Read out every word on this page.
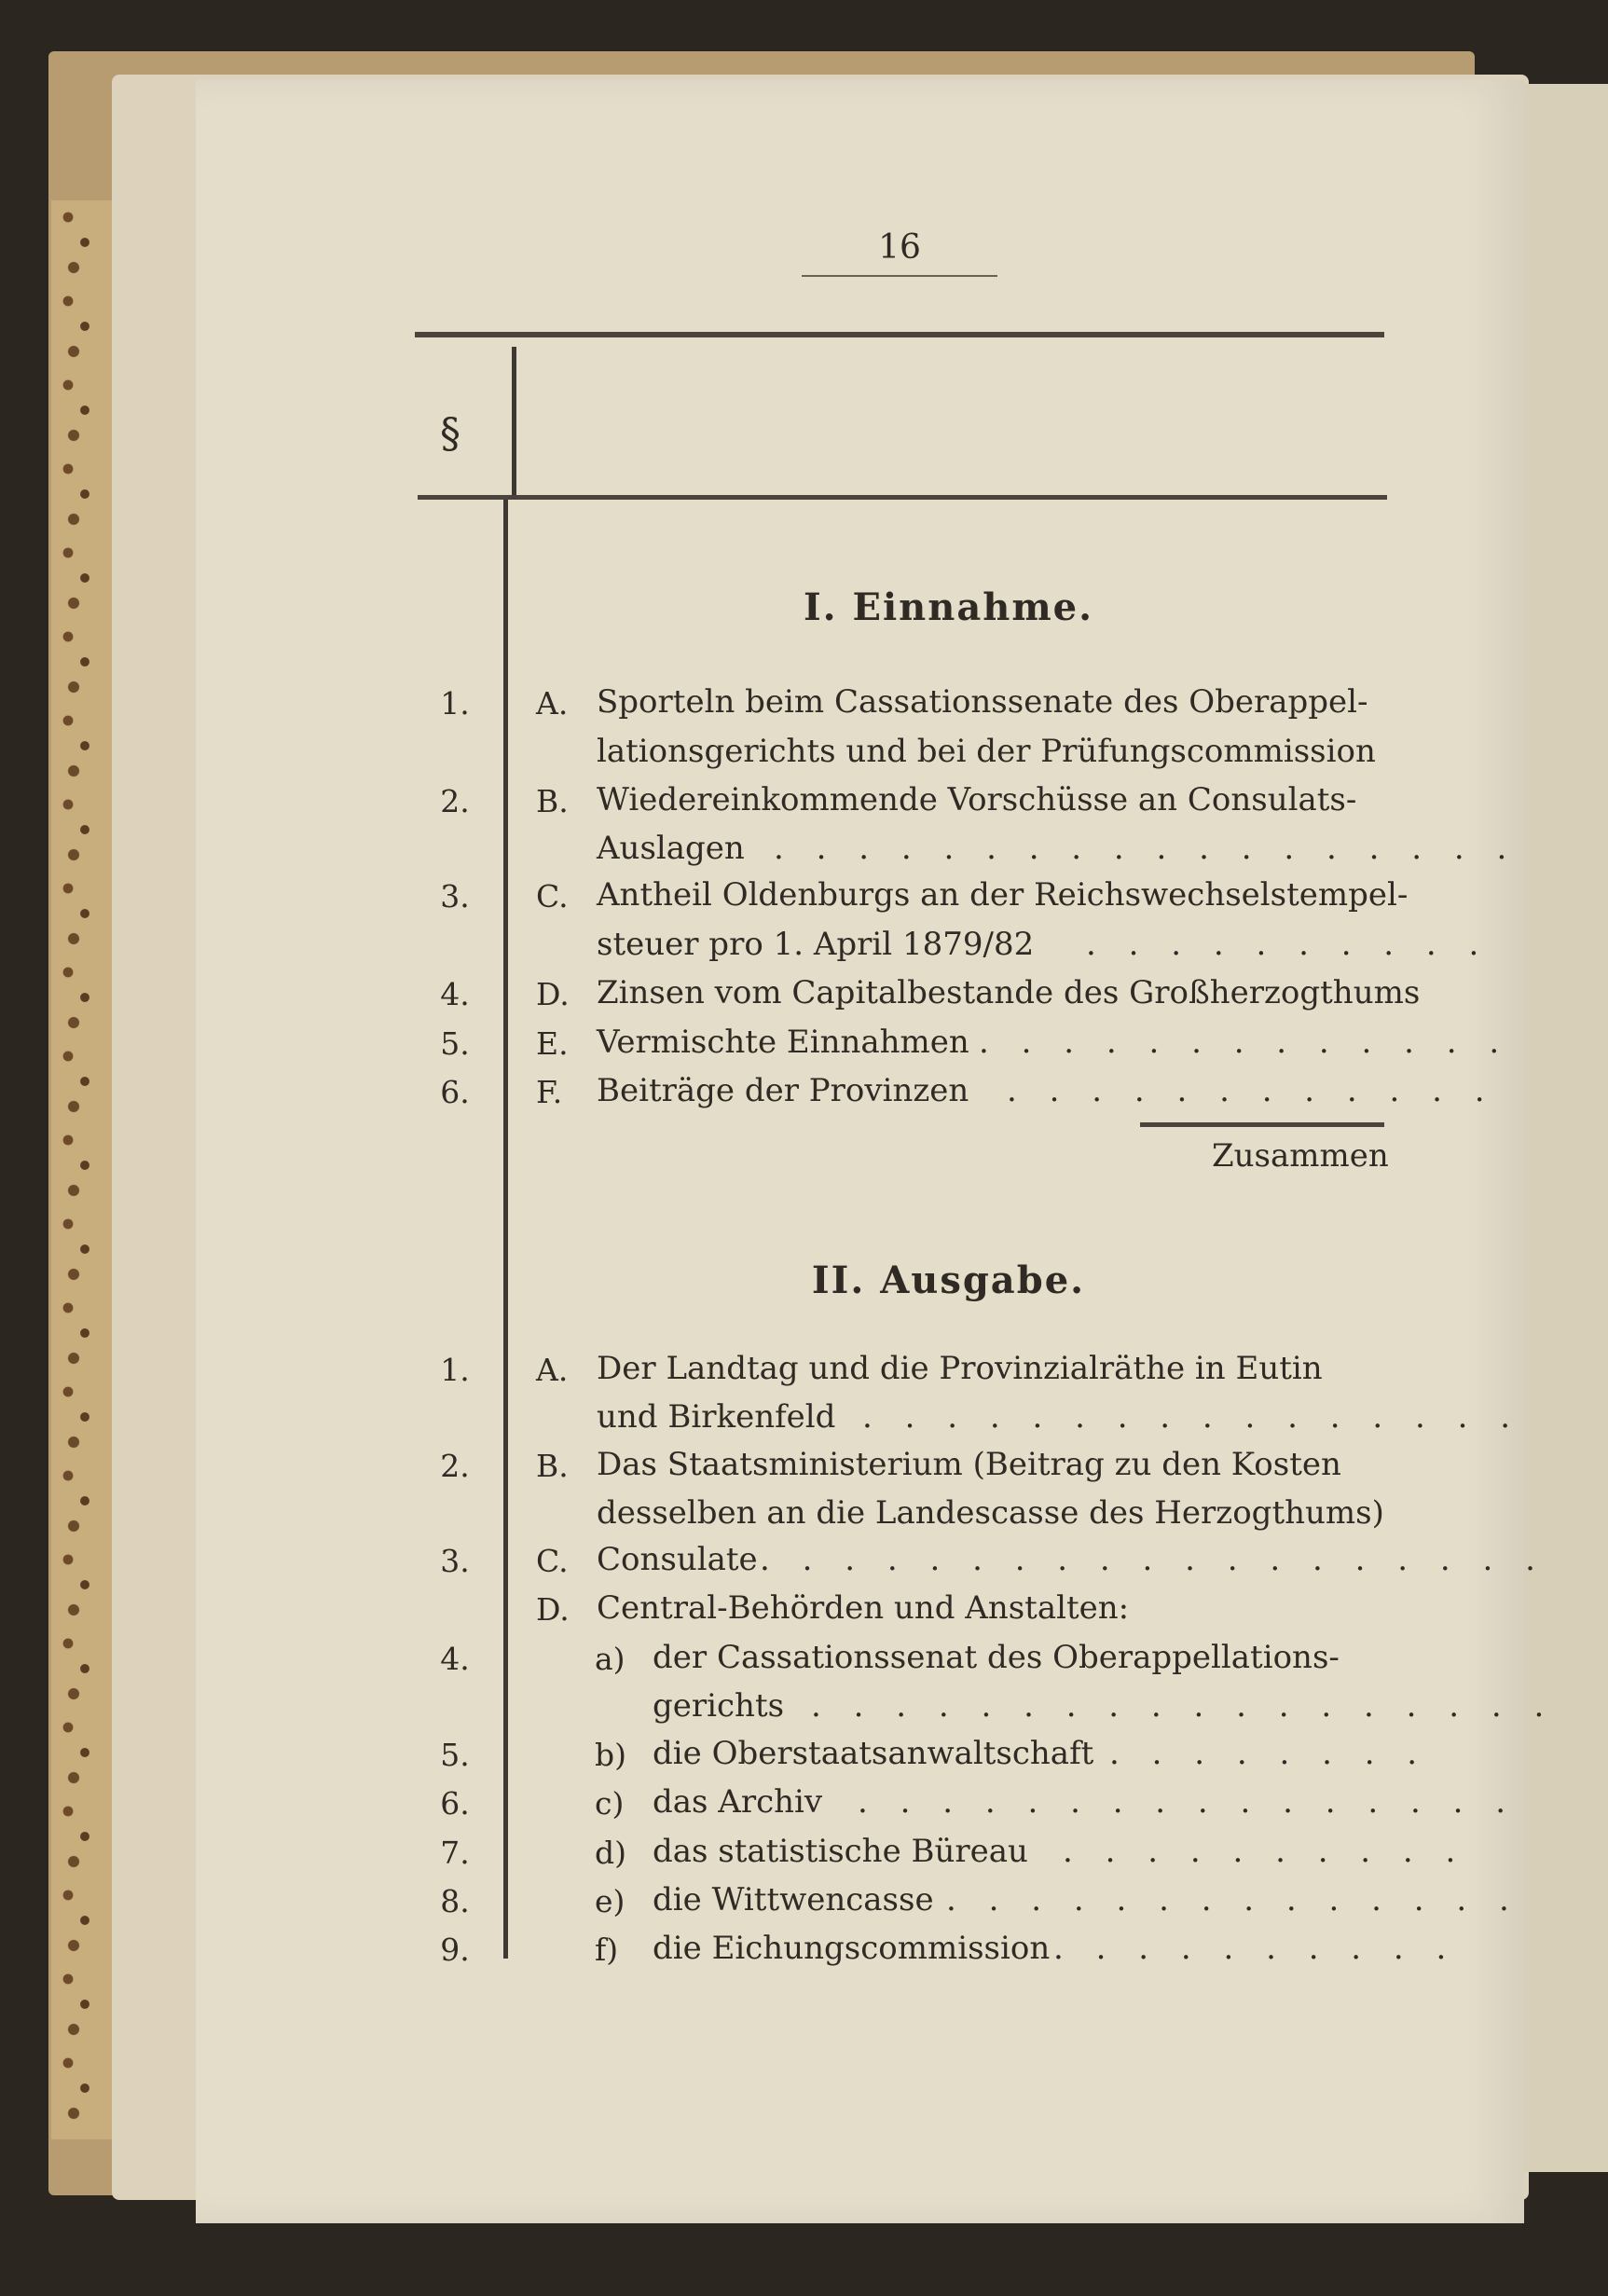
16
§
I. Einnahme.
1. A. Sporteln beim Cassationssenate des Oberappel-
lationsgerichts und bei der Prüfungscommission
2. B. Wiedereinkommende Vorschüsse an Consulats-
Auslagen . . . . . . . . . . . . . . . . . .
3. C. Antheil Oldenburgs an der Reichswechselstempel-
steuer pro 1. April 1879/82 . . . . . . . . . .
4. D. Zinsen vom Capitalbestande des Großherzogthums
5. E. Vermischte Einnahmen . . . . . . . . . . . . .
6. F. Beiträge der Provinzen . . . . . . . . . . . .
Zusammen
II. Ausgabe.
1. A. Der Landtag und die Provinzialräthe in Eutin
und Birkenfeld . . . . . . . . . . . . . . . .
2. B. Das Staatsministerium (Beitrag zu den Kosten
desselben an die Landescasse des Herzogthums)
3. C. Consulate . . . . . . . . . . . . . . . . . . .
D. Central-Behörden und Anstalten:
4.	a) der Cassationssenat des Oberappellations-
gerichts . . . . . . . . . . . . . . . . . .
5.	b) die Oberstaatsanwaltschaft . . . . . . . .
6.	c) das Archiv . . . . . . . . . . . . . . . .
7.	d) das statistische Büreau . . . . . . . . . .
8.	e) die Wittwencasse . . . . . . . . . . . . . .
9.	f) die Eichungscommission . . . . . . . . . .
